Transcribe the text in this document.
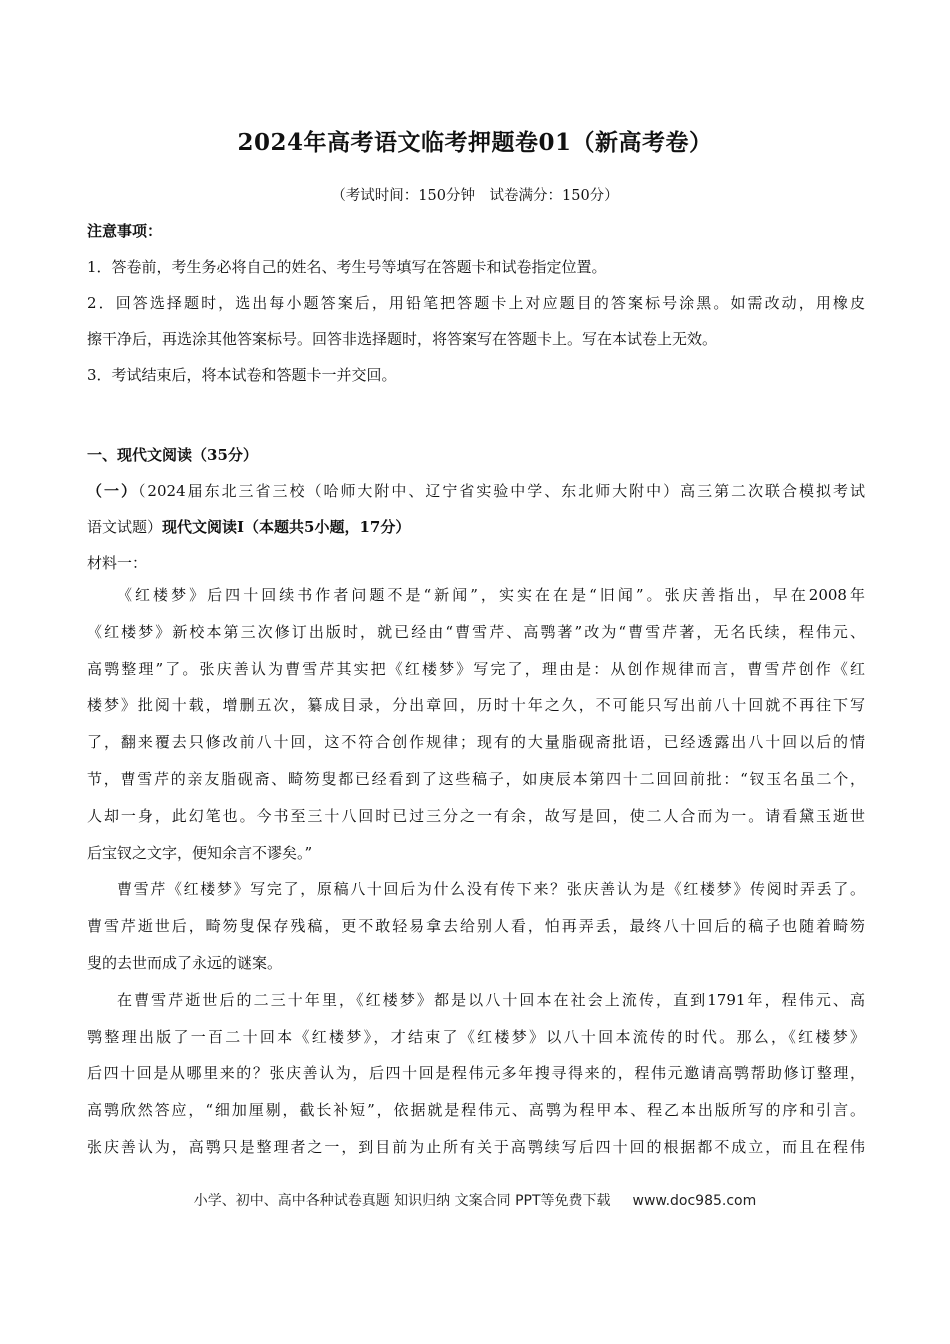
2024年高考语文临考押题卷01（新高考卷）
（考试时间：150分钟　试卷满分：150分）
注意事项：
1．答卷前，考生务必将自己的姓名、考生号等填写在答题卡和试卷指定位置。
2．回答选择题时，选出每小题答案后，用铅笔把答题卡上对应题目的答案标号涂黑。如需改动，用橡皮
擦干净后，再选涂其他答案标号。回答非选择题时，将答案写在答题卡上。写在本试卷上无效。
3．考试结束后，将本试卷和答题卡一并交回。
一、现代文阅读（35分）
（一）（2024届东北三省三校（哈师大附中、辽宁省实验中学、东北师大附中）高三第二次联合模拟考试
语文试题）现代文阅读Ⅰ（本题共5小题，17分）
材料一：
《红楼梦》后四十回续书作者问题不是“新闻”，实实在在是“旧闻”。张庆善指出，早在2008年
《红楼梦》新校本第三次修订出版时，就已经由“曹雪芹、高鹗著”改为“曹雪芹著，无名氏续，程伟元、
高鹗整理”了。张庆善认为曹雪芹其实把《红楼梦》写完了，理由是：从创作规律而言，曹雪芹创作《红
楼梦》批阅十载，增删五次，纂成目录，分出章回，历时十年之久，不可能只写出前八十回就不再往下写
了，翻来覆去只修改前八十回，这不符合创作规律；现有的大量脂砚斋批语，已经透露出八十回以后的情
节，曹雪芹的亲友脂砚斋、畸笏叟都已经看到了这些稿子，如庚辰本第四十二回回前批：“钗玉名虽二个，
人却一身，此幻笔也。今书至三十八回时已过三分之一有余，故写是回，使二人合而为一。请看黛玉逝世
后宝钗之文字，便知余言不谬矣。”
曹雪芹《红楼梦》写完了，原稿八十回后为什么没有传下来？张庆善认为是《红楼梦》传阅时弄丢了。
曹雪芹逝世后，畸笏叟保存残稿，更不敢轻易拿去给别人看，怕再弄丢，最终八十回后的稿子也随着畸笏
叟的去世而成了永远的谜案。
在曹雪芹逝世后的二三十年里，《红楼梦》都是以八十回本在社会上流传，直到1791年，程伟元、高
鹗整理出版了一百二十回本《红楼梦》，才结束了《红楼梦》以八十回本流传的时代。那么，《红楼梦》
后四十回是从哪里来的？张庆善认为，后四十回是程伟元多年搜寻得来的，程伟元邀请高鹗帮助修订整理，
高鹗欣然答应，“细加厘剔，截长补短”，依据就是程伟元、高鹗为程甲本、程乙本出版所写的序和引言。
张庆善认为，高鹗只是整理者之一，到目前为止所有关于高鹗续写后四十回的根据都不成立，而且在程伟
小学、初中、高中各种试卷真题 知识归纳 文案合同 PPT等免费下载 www.doc985.com
